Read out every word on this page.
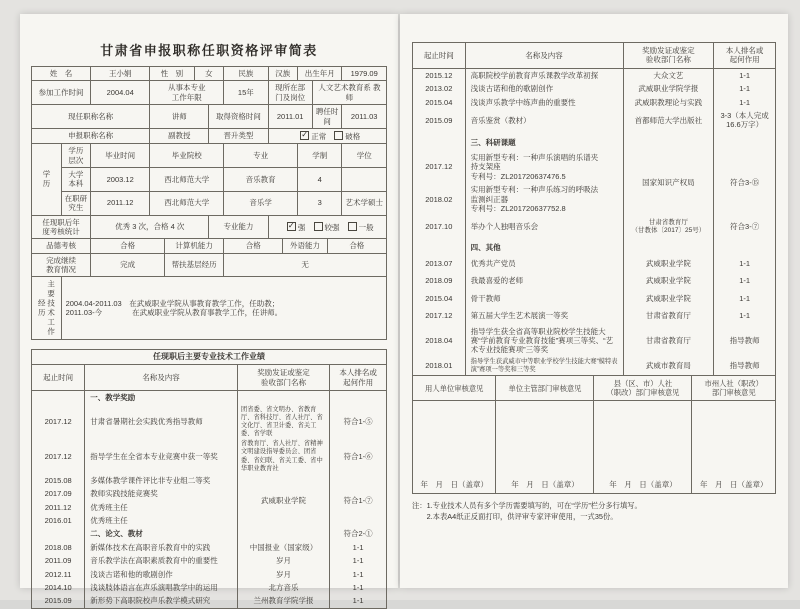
甘肃省申报职称任职资格评审简表
姓　名		王小娟	性　别		女		民族	汉族		出生年月			1979.09
参加工作时间		2004.04	从事本专业
工作年限				15年	现所在部
门及岗位			人文艺术教育系 教师		
现任职称名称			讲师			取得资格时间		2011.01			聘任时间		2011.03
申报职称名称			副教授			晋升类型	✓正常 破格
学历	学历
层次	毕业时间	毕业院校				专业			学制			学位
	大学
本科	2003.12	西北师范大学				音乐教育			4			
	在职研
究生	2011.12	西北师范大学				音乐学			3			艺术学硕士
任现职后年
度考核统计		优秀 3 次，合格 4 次				专业能力	✓强 较强 一般
品德考核		合格		计算机能力			合格		外语能力			合格	
完成继续
教育情况		完成		帮扶基层经历			无						
主要技术工作经历	2004.04-2011.03　在武威职业学院从事教育教学工作，任助教；
2011.03-今　　　　在武威职业学院从教育事教学工作，任讲师。												
任现职后主要专业技术工作业绩			
起止时间	名称及内容	奖励发证或鉴定
验收部门名称	本人排名或
起何作用
	一、教学奖励		
2017.12	甘肃省暑期社会实践优秀指导教师	团省委、省文明办、省教育厅、省科技厅、省人社厅、省文化厅、省卫计委、省关工委、省学联	符合1-⑤
2017.12	指导学生在全省本专业竞赛中获一等奖	省教育厅、省人社厅、省精神文明建设指导委员会、团省委、省妇联、省关工委、省中华职业教育社	符合1-⑥
2015.08	多媒体教学课件评比非专业组二等奖	武威职业学院	符合1-⑦
2017.09	教师实践技能竞赛奖		
2011.12	优秀班主任		
2016.01	优秀班主任		
	二、论文、教材		符合2-①
2018.08	新媒体技术在高职音乐教育中的实践	中国报业（国家级）	1-1
2011.09	音乐教学法在高职素质教育中的重要性	岁月	1-1
2012.11	浅谈古诺和他的歌剧创作	岁月	1-1
2014.10	浅谈肢体语言在声乐演唱教学中的运用	北方音乐	1-1
2015.09	新形势下高职院校声乐教学模式研究	兰州教育学院学报	1-1
起止时间	名称及内容	奖励发证或鉴定
验收部门名称	本人排名或
起何作用
2015.12	高职院校学前教育声乐课教学改革初探	大众文艺	1-1
2013.02	浅谈古诺和他的歌剧创作	武威职业学院学报	1-1
2015.04	浅谈声乐教学中练声曲的重要性	武威职教理论与实践	1-1
2015.09	音乐鉴赏（教材）	首都师范大学出版社	3-3（本人完成
16.6万字）
	三、科研课题		
2017.12	实用新型专利：一种声乐演唱的乐谱夹
持支架座
专利号：ZL201720637476.5	国家知识产权局	符合3-⑮
2018.02	实用新型专利：一种声乐练习的呼吸法
监测纠正器
专利号：ZL201720637752.8		
2017.10	举办个人独唱音乐会	甘肃省教育厅
（甘教体〔2017〕25号）	符合3-⑦
	四、其他		
2013.07	优秀共产党员	武威职业学院	1-1
2018.09	我最喜爱的老师	武威职业学院	1-1
2015.04	骨干教师	武威职业学院	1-1
2017.12	第五届大学生艺术展演一等奖	甘肃省教育厅	1-1
2018.04	指导学生获全省高等职业院校学生技能大赛“学前教育专业教育技能”赛项三等奖、“艺术专业技能赛项”三等奖	甘肃省教育厅	指导教师
2018.01	指导学生获武威市中等职业学校学生技能大赛“模特表演”赛项一等奖和三等奖	武威市教育局	指导教师
用人单位审核意见	单位主管部门审核意见	县（区、市）人社
（职改）部门审核意见	市州人社（职改）
部门审核意见
年　月　日（盖章）	年　月　日（盖章）	年　月　日（盖章）	年　月　日（盖章）
注：1.专业技术人员有多个学历需要填写的，可在“学历”栏分多行填写。
　　2.本表A4纸正反面打印，供评审专家评审使用，一式35份。
